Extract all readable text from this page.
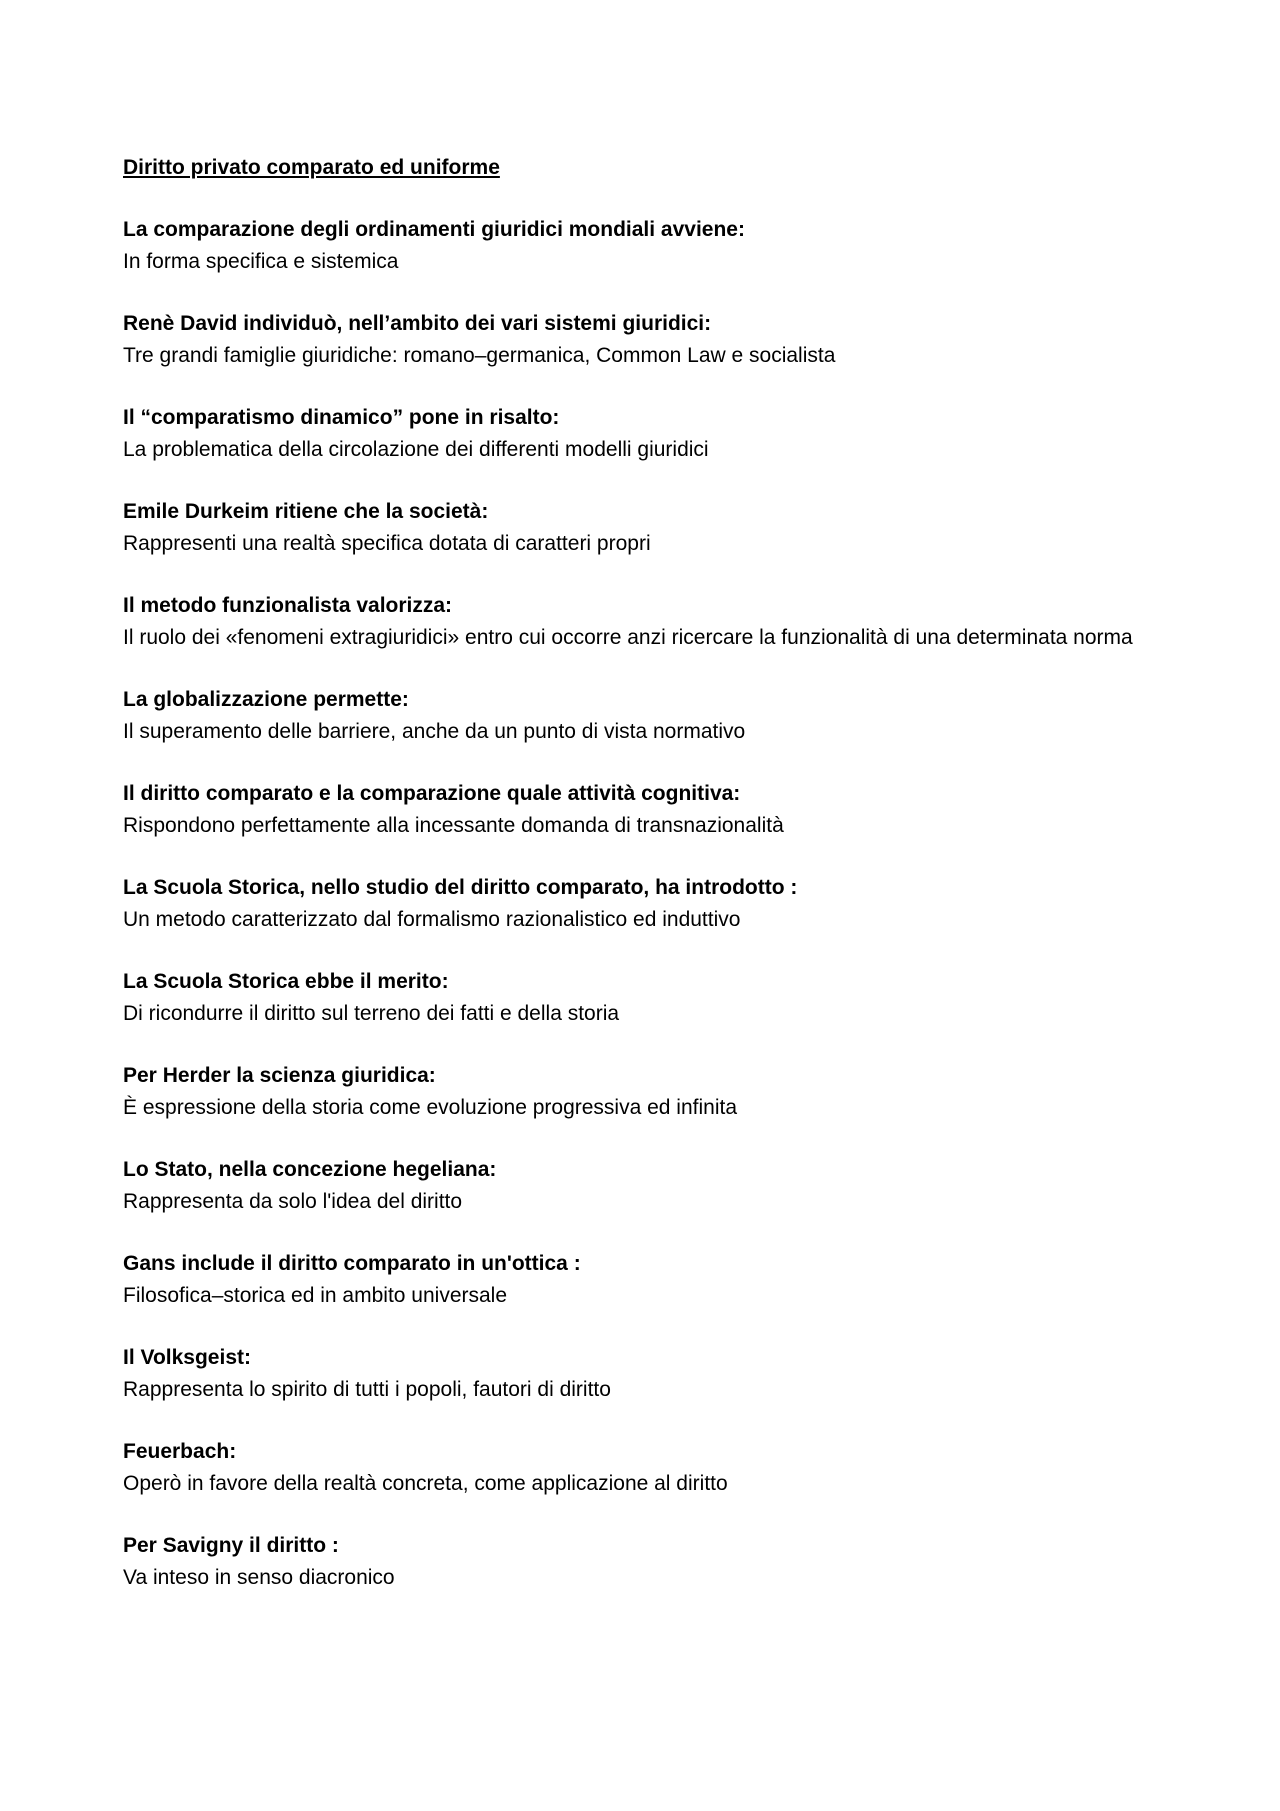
Diritto privato comparato ed uniforme

La comparazione degli ordinamenti giuridici mondiali avviene:

In forma specifica e sistemica

Renè David individuò, nell’ambito dei vari sistemi giuridici:

Tre grandi famiglie giuridiche: romano–germanica, Common Law e socialista

Il “comparatismo dinamico” pone in risalto:

La problematica della circolazione dei differenti modelli giuridici

Emile Durkeim ritiene che la società:

Rappresenti una realtà specifica dotata di caratteri propri

Il metodo funzionalista valorizza:

Il ruolo dei «fenomeni extragiuridici» entro cui occorre anzi ricercare la funzionalità di una determinata norma

La globalizzazione permette:

Il superamento delle barriere, anche da un punto di vista normativo

Il diritto comparato e la comparazione quale attività cognitiva:

Rispondono perfettamente alla incessante domanda di transnazionalità

La Scuola Storica, nello studio del diritto comparato, ha introdotto :

Un metodo caratterizzato dal formalismo razionalistico ed induttivo

La Scuola Storica ebbe il merito:

Di ricondurre il diritto sul terreno dei fatti e della storia

Per Herder la scienza giuridica:

È espressione della storia come evoluzione progressiva ed infinita

Lo Stato, nella concezione hegeliana:

Rappresenta da solo l'idea del diritto

Gans include il diritto comparato in un'ottica :

Filosofica–storica ed in ambito universale

Il Volksgeist:

Rappresenta lo spirito di tutti i popoli, fautori di diritto

Feuerbach:

Operò in favore della realtà concreta, come applicazione al diritto

Per Savigny il diritto :

Va inteso in senso diacronico
